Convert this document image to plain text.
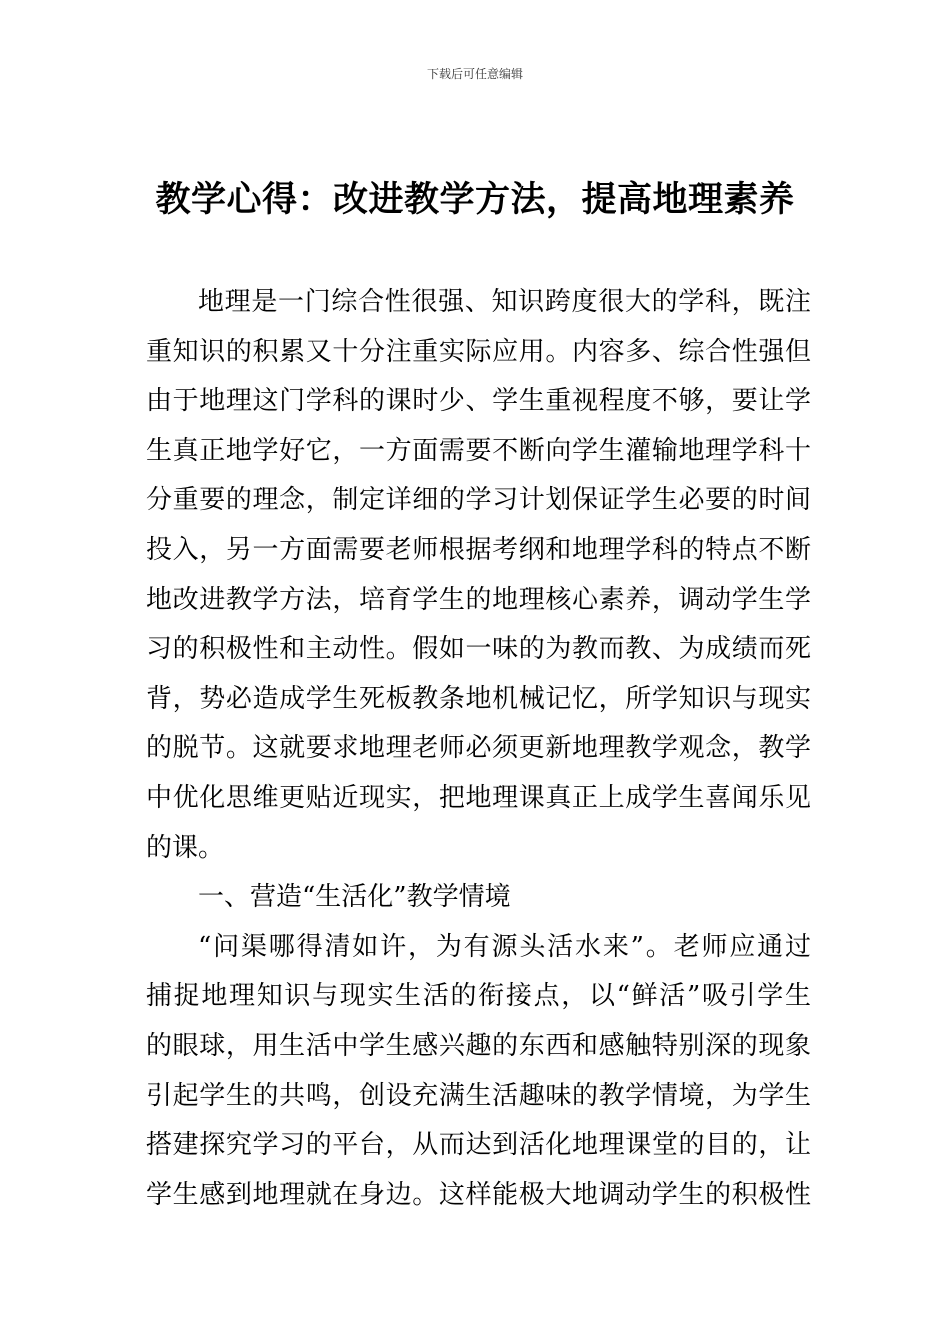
下载后可任意编辑
教学心得：改进教学方法，提高地理素养
地理是一门综合性很强、知识跨度很大的学科，既注
重知识的积累又十分注重实际应用。内容多、综合性强但
由于地理这门学科的课时少、学生重视程度不够，要让学
生真正地学好它，一方面需要不断向学生灌输地理学科十
分重要的理念，制定详细的学习计划保证学生必要的时间
投入，另一方面需要老师根据考纲和地理学科的特点不断
地改进教学方法，培育学生的地理核心素养，调动学生学
习的积极性和主动性。假如一味的为教而教、为成绩而死
背，势必造成学生死板教条地机械记忆，所学知识与现实
的脱节。这就要求地理老师必须更新地理教学观念，教学
中优化思维更贴近现实，把地理课真正上成学生喜闻乐见
的课。
一、营造“生活化”教学情境
“问渠哪得清如许，为有源头活水来”。老师应通过
捕捉地理知识与现实生活的衔接点，以“鲜活”吸引学生
的眼球，用生活中学生感兴趣的东西和感触特别深的现象
引起学生的共鸣，创设充满生活趣味的教学情境，为学生
搭建探究学习的平台，从而达到活化地理课堂的目的，让
学生感到地理就在身边。这样能极大地调动学生的积极性
